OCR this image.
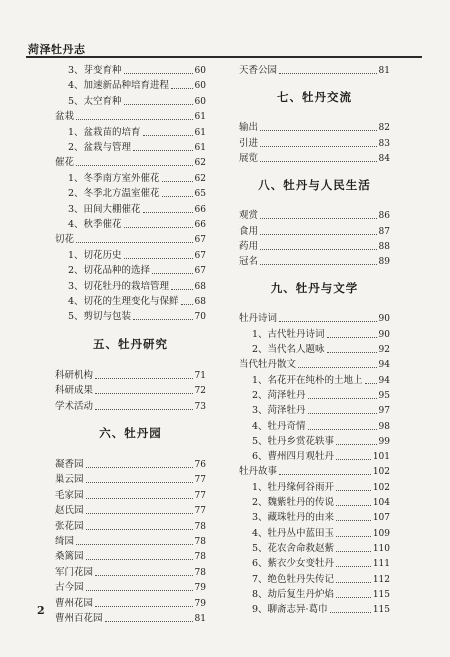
菏泽牡丹志
3、芽变育种	60
4、加速新品种培育进程	60
5、太空育种	60
盆栽	61
1、盆栽苗的培育	61
2、盆栽与管理	61
催花	62
1、冬季南方室外催花	62
2、冬季北方温室催花	65
3、田间大棚催花	66
4、秋季催花	66
切花	67
1、切花历史	67
2、切花品种的选择	67
3、切花牡丹的栽培管理	68
4、切花的生理变化与保鲜 68
5、剪切与包装	70
五、牡丹研究
科研机构	71
科研成果	72
学术活动	73
六、牡丹园
凝香园	76
巢云园	77
毛家园	77
赵氏园	77
张花园	78
绮园	78
桑篱园	78
军门花园	78
古今园	79
曹州花园	79
曹州百花园	81
天香公园	81
七、牡丹交流
输出	82
引进	83
展览	84
八、牡丹与人民生活
观赏	86
食用	87
药用	88
冠名	89
九、牡丹与文学
牡丹诗词	90
1、古代牡丹诗词	90
2、当代名人题咏	92
当代牡丹散文	94
1、名花开在纯朴的土地上 94
2、菏泽牡丹	95
3、菏泽牡丹	97
4、牡丹奇情	98
5、牡丹乡赏花轶事	99
6、曹州四月观牡丹	101
牡丹故事	102
1、牡丹缘何谷雨开	102
2、魏紫牡丹的传说	104
3、藏珠牡丹的由来	107
4、牡丹丛中蓝田玉	109
5、花农舍命救赵紫	110
6、紫衣少女变牡丹	111
7、绝色牡丹失传记	112
8、劫后复生丹炉焰	115
9、聊斋志异·葛巾	115
2
